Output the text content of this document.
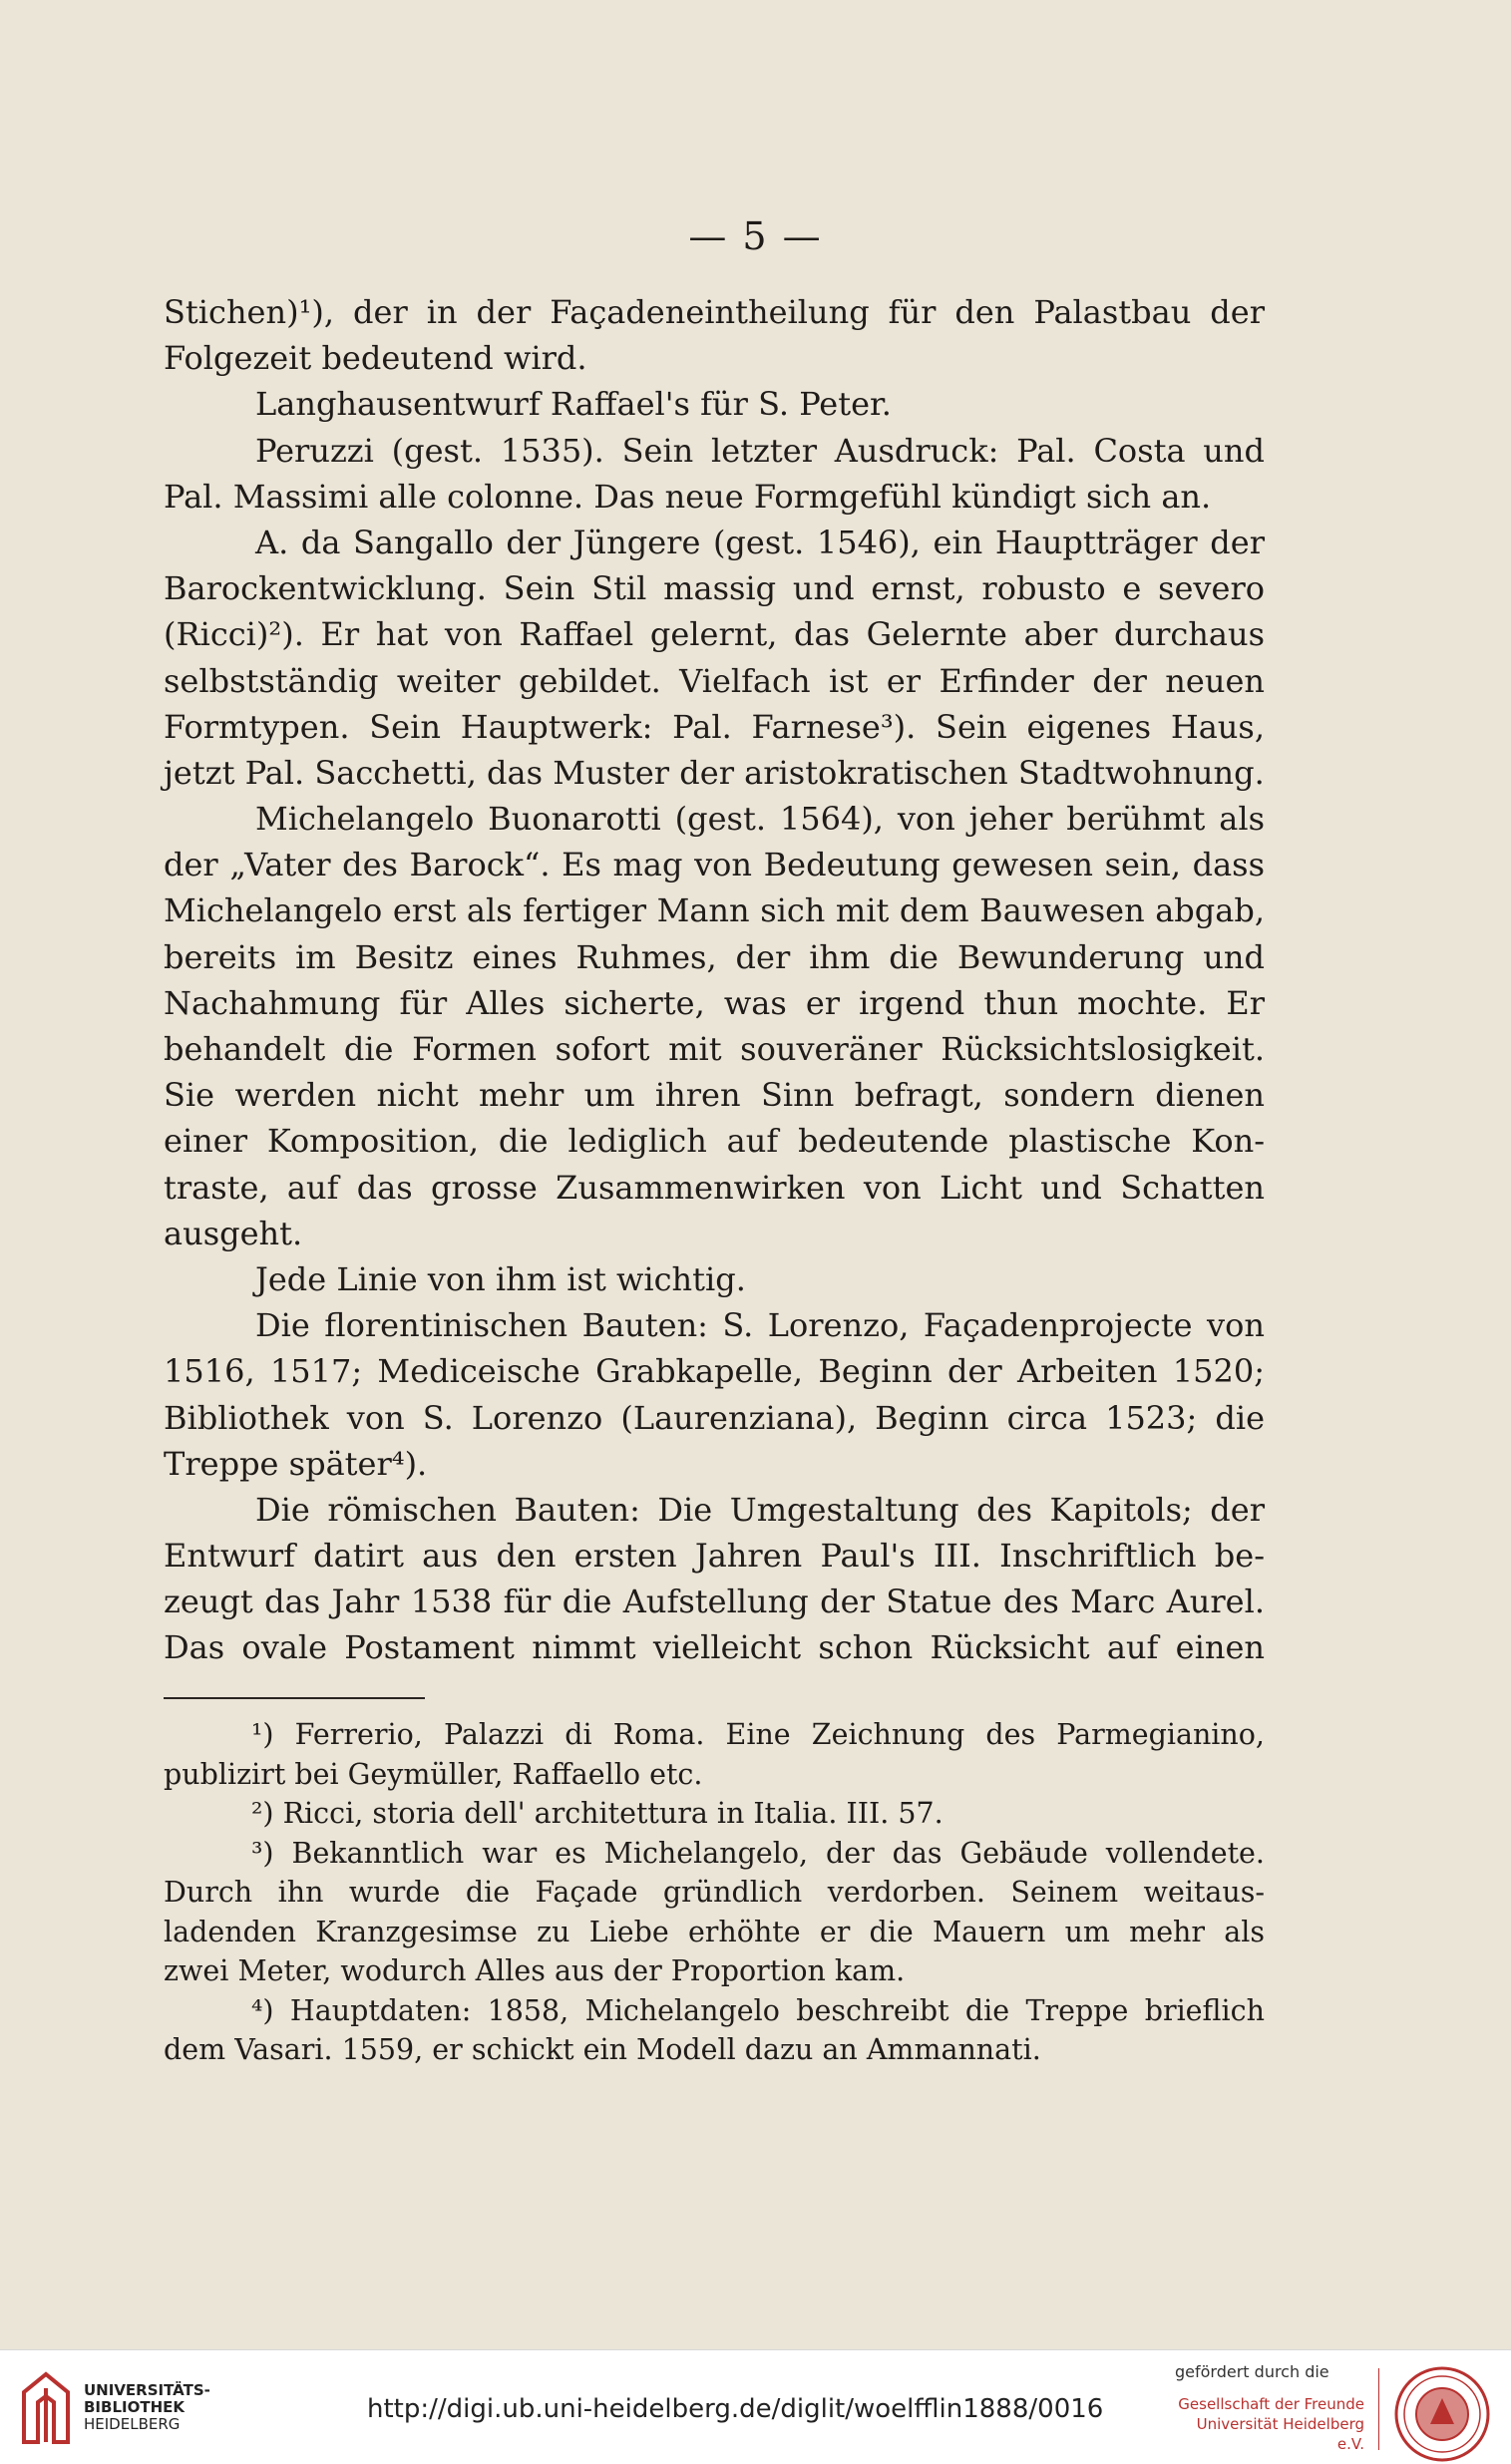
— 5 —
Stichen)¹), der in der Façadeneintheilung für den Palastbau der
Folgezeit bedeutend wird.
Langhausentwurf Raffael's für S. Peter.
Peruzzi (gest. 1535). Sein letzter Ausdruck: Pal. Costa und
Pal. Massimi alle colonne. Das neue Formgefühl kündigt sich an.
A. da Sangallo der Jüngere (gest. 1546), ein Hauptträger der
Barockentwicklung. Sein Stil massig und ernst, robusto e severo
(Ricci)²). Er hat von Raffael gelernt, das Gelernte aber durchaus
selbstständig weiter gebildet. Vielfach ist er Erfinder der neuen
Formtypen. Sein Hauptwerk: Pal. Farnese³). Sein eigenes Haus,
jetzt Pal. Sacchetti, das Muster der aristokratischen Stadtwohnung.
Michelangelo Buonarotti (gest. 1564), von jeher berühmt als
der „Vater des Barock“. Es mag von Bedeutung gewesen sein, dass
Michelangelo erst als fertiger Mann sich mit dem Bauwesen abgab,
bereits im Besitz eines Ruhmes, der ihm die Bewunderung und
Nachahmung für Alles sicherte, was er irgend thun mochte. Er
behandelt die Formen sofort mit souveräner Rücksichtslosigkeit.
Sie werden nicht mehr um ihren Sinn befragt, sondern dienen
einer Komposition, die lediglich auf bedeutende plastische Kon-
traste, auf das grosse Zusammenwirken von Licht und Schatten
ausgeht.
Jede Linie von ihm ist wichtig.
Die florentinischen Bauten: S. Lorenzo, Façadenprojecte von
1516, 1517; Mediceische Grabkapelle, Beginn der Arbeiten 1520;
Bibliothek von S. Lorenzo (Laurenziana), Beginn circa 1523; die
Treppe später⁴).
Die römischen Bauten: Die Umgestaltung des Kapitols; der
Entwurf datirt aus den ersten Jahren Paul's III. Inschriftlich be-
zeugt das Jahr 1538 für die Aufstellung der Statue des Marc Aurel.
Das ovale Postament nimmt vielleicht schon Rücksicht auf einen
¹) Ferrerio, Palazzi di Roma. Eine Zeichnung des Parmegianino,
publizirt bei Geymüller, Raffaello etc.
²) Ricci, storia dell' architettura in Italia. III. 57.
³) Bekanntlich war es Michelangelo, der das Gebäude vollendete.
Durch ihn wurde die Façade gründlich verdorben. Seinem weitaus-
ladenden Kranzgesimse zu Liebe erhöhte er die Mauern um mehr als
zwei Meter, wodurch Alles aus der Proportion kam.
⁴) Hauptdaten: 1858, Michelangelo beschreibt die Treppe brieflich
dem Vasari. 1559, er schickt ein Modell dazu an Ammannati.
UNIVERSITÄTS-
BIBLIOTHEK
HEIDELBERG	http://digi.ub.uni-heidelberg.de/diglit/woelfflin1888/0016
gefördert durch die
Gesellschaft der Freunde
Universität Heidelberg e.V.
